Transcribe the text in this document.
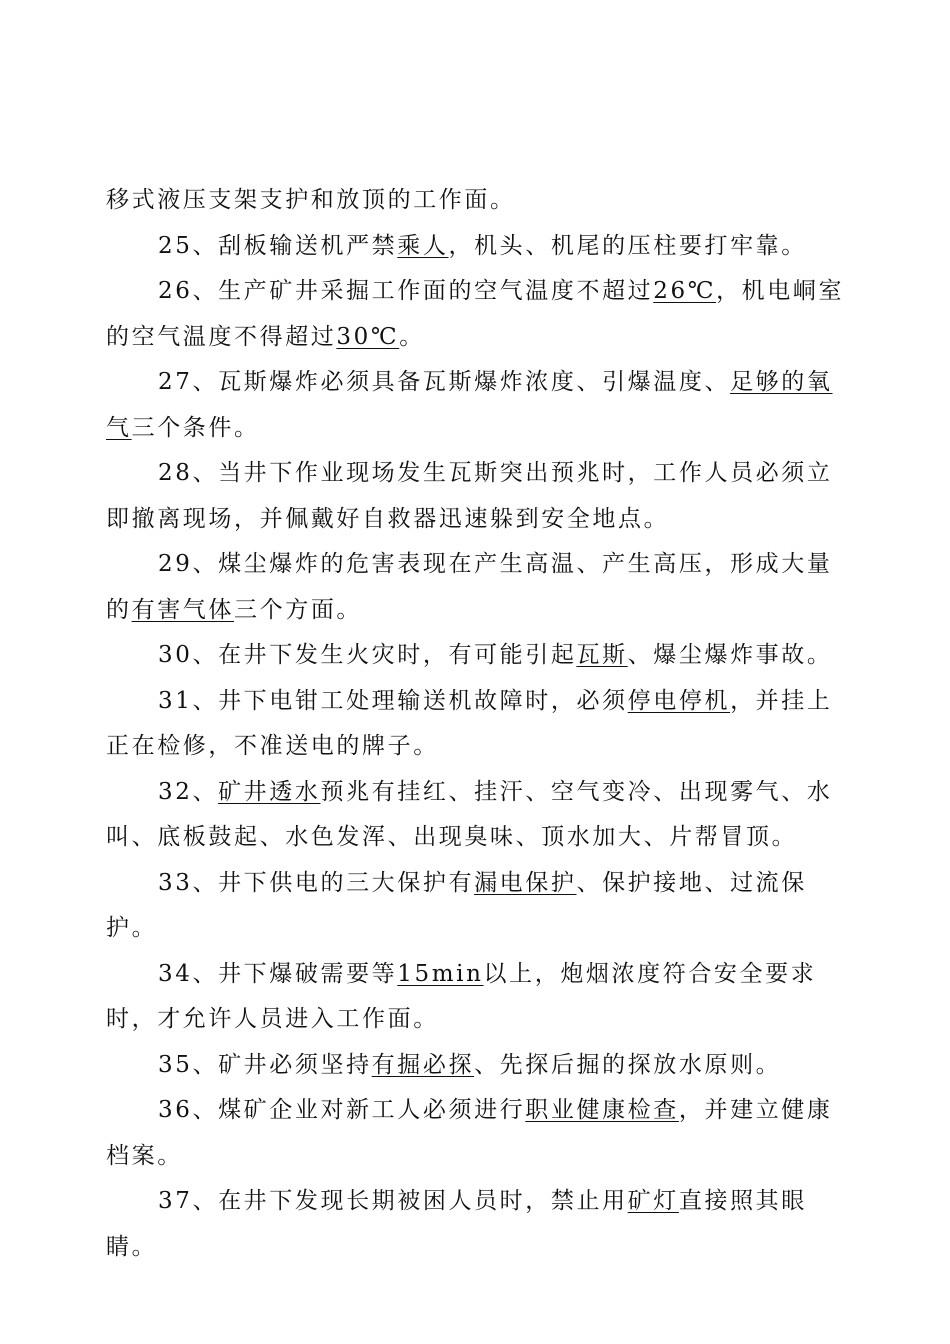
移式液压支架支护和放顶的工作面。

25、刮板输送机严禁乘人，机头、机尾的压柱要打牢靠。

26、生产矿井采掘工作面的空气温度不超过26℃，机电峒室的空气温度不得超过30℃。

27、瓦斯爆炸必须具备瓦斯爆炸浓度、引爆温度、足够的氧气三个条件。

28、当井下作业现场发生瓦斯突出预兆时，工作人员必须立即撤离现场，并佩戴好自救器迅速躲到安全地点。

29、煤尘爆炸的危害表现在产生高温、产生高压，形成大量的有害气体三个方面。

30、在井下发生火灾时，有可能引起瓦斯、爆尘爆炸事故。

31、井下电钳工处理输送机故障时，必须停电停机，并挂上正在检修，不准送电的牌子。

32、矿井透水预兆有挂红、挂汗、空气变冷、出现雾气、水叫、底板鼓起、水色发浑、出现臭味、顶水加大、片帮冒顶。

33、井下供电的三大保护有漏电保护、保护接地、过流保护。

34、井下爆破需要等15min以上，炮烟浓度符合安全要求时，才允许人员进入工作面。

35、矿井必须坚持有掘必探、先探后掘的探放水原则。

36、煤矿企业对新工人必须进行职业健康检查，并建立健康档案。

37、在井下发现长期被困人员时，禁止用矿灯直接照其眼睛。
